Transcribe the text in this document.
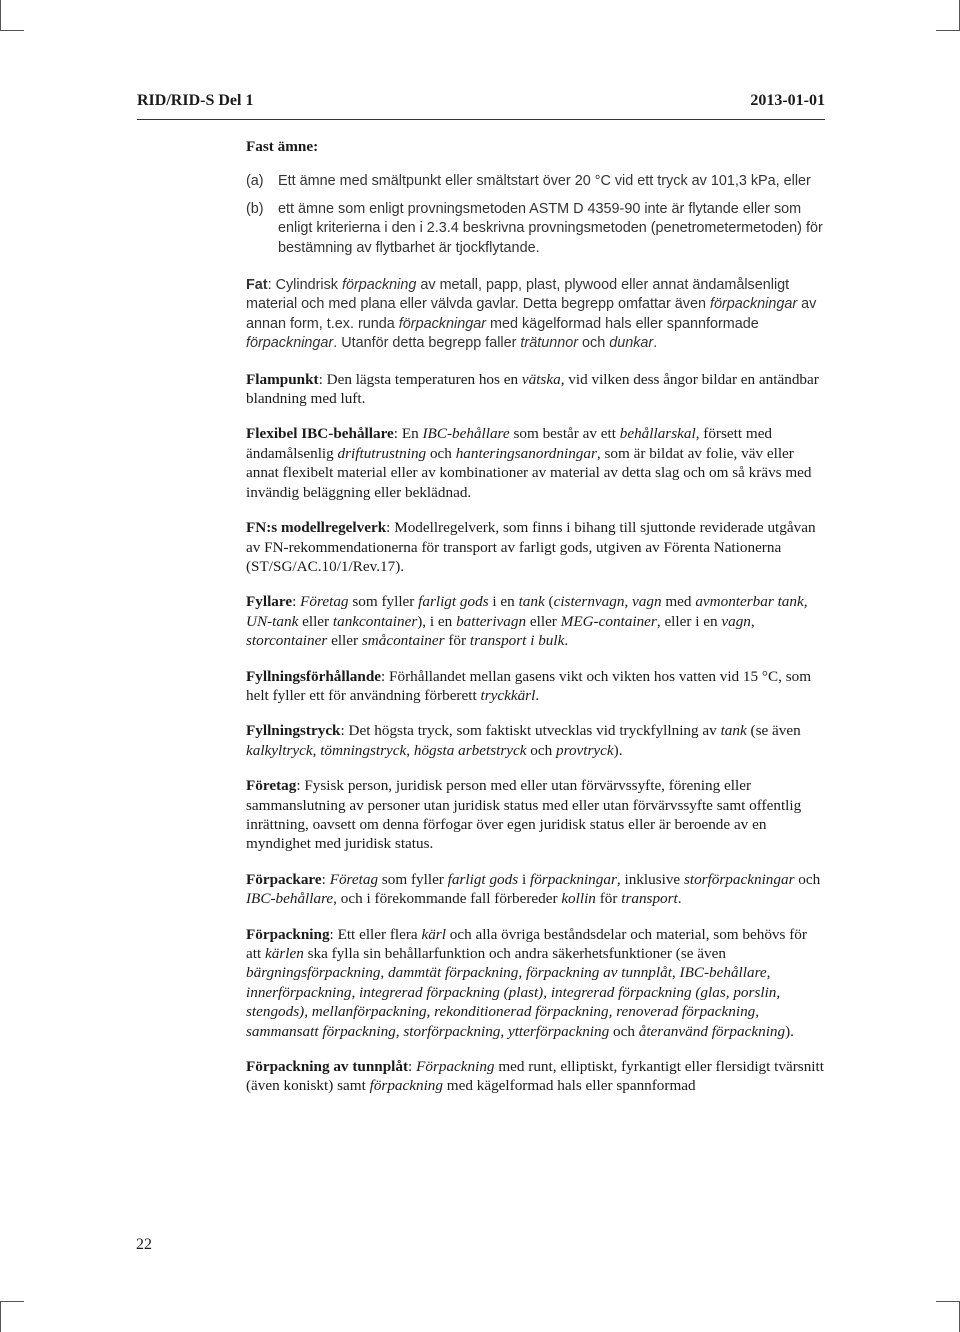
RID/RID-S Del 1	2013-01-01

Fast ämne:

(a)	Ett ämne med smältpunkt eller smältstart över 20 °C vid ett tryck av 101,3 kPa, eller
(b)	ett ämne som enligt provningsmetoden ASTM D 4359-90 inte är flytande eller som enligt kriterierna i den i 2.3.4 beskrivna provningsmetoden (penetrometermetoden) för bestämning av flytbarhet är tjockflytande.

Fat: Cylindrisk förpackning av metall, papp, plast, plywood eller annat ändamålsenligt material och med plana eller välvda gavlar. Detta begrepp omfattar även förpackningar av annan form, t.ex. runda förpackningar med kägelformad hals eller spannformade förpackningar. Utanför detta begrepp faller trätunnor och dunkar.

Flampunkt: Den lägsta temperaturen hos en vätska, vid vilken dess ångor bildar en antändbar blandning med luft.

Flexibel IBC-behållare: En IBC-behållare som består av ett behållarskal, försett med ändamålsenlig driftutrustning och hanteringsanordningar, som är bildat av folie, väv eller annat flexibelt material eller av kombinationer av material av detta slag och om så krävs med invändig beläggning eller beklädnad.

FN:s modellregelverk: Modellregelverk, som finns i bihang till sjuttonde reviderade utgåvan av FN-rekommendationerna för transport av farligt gods, utgiven av Förenta Nationerna (ST/SG/AC.10/1/Rev.17).

Fyllare: Företag som fyller farligt gods i en tank (cisternvagn, vagn med avmonterbar tank, UN-tank eller tankcontainer), i en batterivagn eller MEG-container, eller i en vagn, storcontainer eller småcontainer för transport i bulk.

Fyllningsförhållande: Förhållandet mellan gasens vikt och vikten hos vatten vid 15 °C, som helt fyller ett för användning förberett tryckkärl.

Fyllningstryck: Det högsta tryck, som faktiskt utvecklas vid tryckfyllning av tank (se även kalkyltryck, tömningstryck, högsta arbetstryck och provtryck).

Företag: Fysisk person, juridisk person med eller utan förvärvssyfte, förening eller sammanslutning av personer utan juridisk status med eller utan förvärvssyfte samt offentlig inrättning, oavsett om denna förfogar över egen juridisk status eller är beroende av en myndighet med juridisk status.

Förpackare: Företag som fyller farligt gods i förpackningar, inklusive storförpackningar och IBC-behållare, och i förekommande fall förbereder kollin för transport.

Förpackning: Ett eller flera kärl och alla övriga beståndsdelar och material, som behövs för att kärlen ska fylla sin behållarfunktion och andra säkerhetsfunktioner (se även bärgningsförpackning, dammtät förpackning, förpackning av tunnplåt, IBC-behållare, innerförpackning, integrerad förpackning (plast), integrerad förpackning (glas, porslin, stengods), mellanförpackning, rekonditionerad förpackning, renoverad förpackning, sammansatt förpackning, storförpackning, ytterförpackning och återanvänd förpackning).

Förpackning av tunnplåt: Förpackning med runt, elliptiskt, fyrkantigt eller flersidigt tvärsnitt (även koniskt) samt förpackning med kägelformad hals eller spannformad

22
